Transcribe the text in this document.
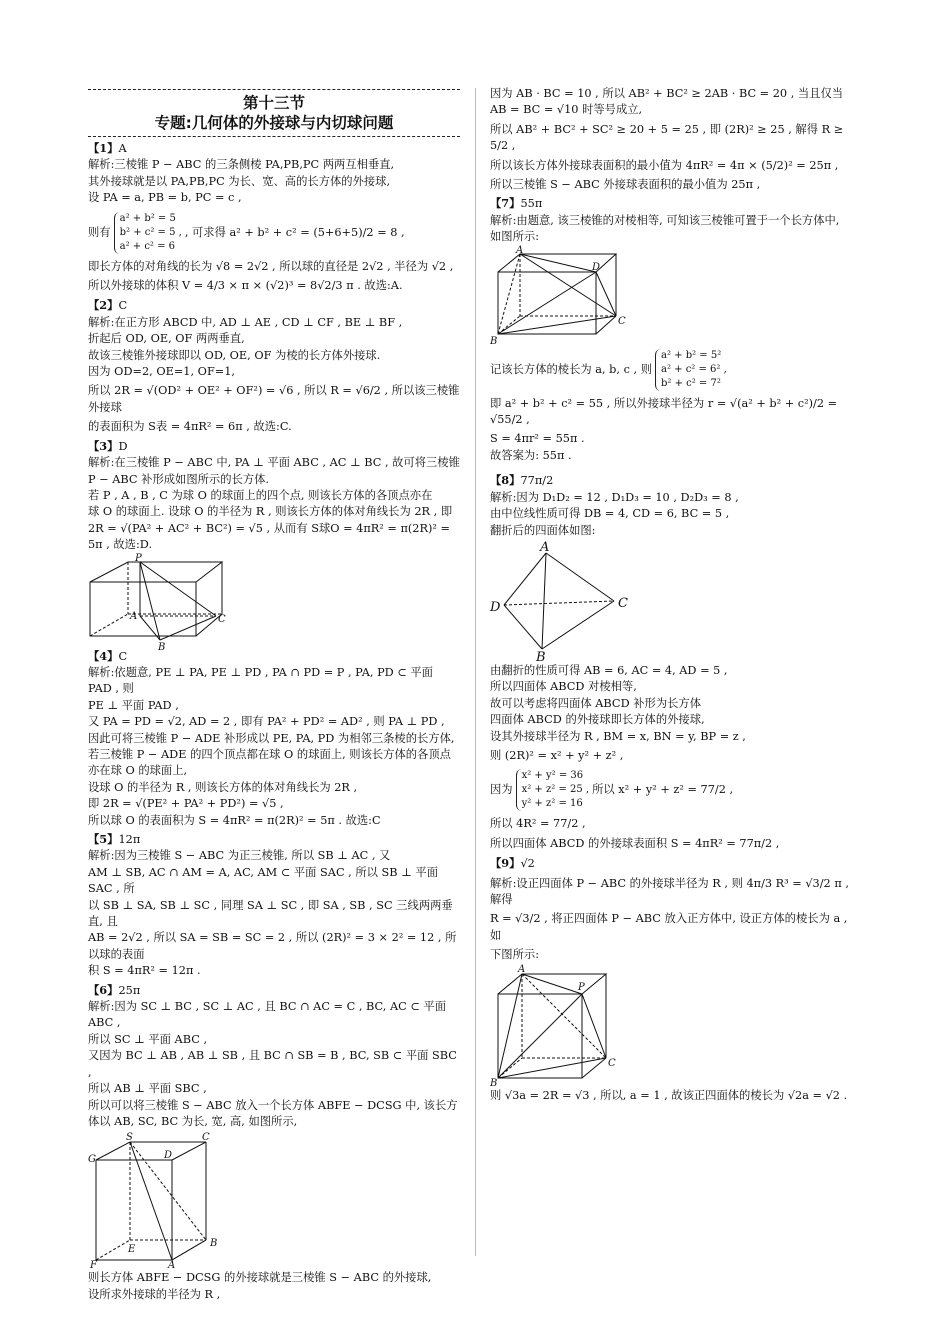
第十三节
专题:几何体的外接球与内切球问题

【1】A

解析:三棱锥 P − ABC 的三条侧棱 PA,PB,PC 两两互相垂直,

其外接球就是以 PA,PB,PC 为长、宽、高的长方体的外接球,

设 PA = a, PB = b, PC = c ,

则有
a² + b² = 5
b² + c² = 5 ,
a² + c² = 6
, 可求得 a² + b² + c² = (5+6+5)/2 = 8 ,

即长方体的对角线的长为 √8 = 2√2 , 所以球的直径是 2√2 , 半径为 √2 ,

所以外接球的体积 V = 4/3 × π × (√2)³ = 8√2/3 π . 故选:A.

【2】C

解析:在正方形 ABCD 中, AD ⊥ AE , CD ⊥ CF , BE ⊥ BF ,

折起后 OD, OE, OF 两两垂直,

故该三棱锥外接球即以 OD, OE, OF 为棱的长方体外接球.

因为 OD=2, OE=1, OF=1,

所以 2R = √(OD² + OE² + OF²) = √6 , 所以 R = √6/2 , 所以该三棱锥外接球

的表面积为 S表 = 4πR² = 6π , 故选:C.

【3】D

解析:在三棱锥 P − ABC 中, PA ⊥ 平面 ABC , AC ⊥ BC , 故可将三棱锥

P − ABC 补形成如图所示的长方体.

若 P , A , B , C 为球 O 的球面上的四个点, 则该长方体的各顶点亦在

球 O 的球面上. 设球 O 的半径为 R , 则该长方体的体对角线长为 2R , 即

2R = √(PA² + AC² + BC²) = √5 , 从而有 S球O = 4πR² = π(2R)² = 5π , 故选:D.

P
A
B
C

【4】C

解析:依题意, PE ⊥ PA, PE ⊥ PD , PA ∩ PD = P , PA, PD ⊂ 平面 PAD , 则

PE ⊥ 平面 PAD ,

又 PA = PD = √2, AD = 2 , 即有 PA² + PD² = AD² , 则 PA ⊥ PD ,

因此可将三棱锥 P − ADE 补形成以 PE, PA, PD 为相邻三条棱的长方体,

若三棱锥 P − ADE 的四个顶点都在球 O 的球面上, 则该长方体的各顶点

亦在球 O 的球面上,

设球 O 的半径为 R , 则该长方体的体对角线长为 2R ,

即 2R = √(PE² + PA² + PD²) = √5 ,

所以球 O 的表面积为 S = 4πR² = π(2R)² = 5π . 故选:C

【5】12π

解析:因为三棱锥 S − ABC 为正三棱锥, 所以 SB ⊥ AC , 又

AM ⊥ SB, AC ∩ AM = A, AC, AM ⊂ 平面 SAC , 所以 SB ⊥ 平面 SAC , 所

以 SB ⊥ SA, SB ⊥ SC , 同理 SA ⊥ SC , 即 SA , SB , SC 三线两两垂直, 且

AB = 2√2 , 所以 SA = SB = SC = 2 , 所以 (2R)² = 3 × 2² = 12 , 所以球的表面

积 S = 4πR² = 12π .

【6】25π

解析:因为 SC ⊥ BC , SC ⊥ AC , 且 BC ∩ AC = C , BC, AC ⊂ 平面 ABC ,

所以 SC ⊥ 平面 ABC ,

又因为 BC ⊥ AB , AB ⊥ SB , 且 BC ∩ SB = B , BC, SB ⊂ 平面 SBC ,

所以 AB ⊥ 平面 SBC ,

所以可以将三棱锥 S − ABC 放入一个长方体 ABFE − DCSG 中, 该长方

体以 AB, SC, BC 为长, 宽, 高, 如图所示,

S	C
G	D
E
B
F	A

则长方体 ABFE − DCSG 的外接球就是三棱锥 S − ABC 的外接球,

设所求外接球的半径为 R ,

因为 AB · BC = 10 , 所以 AB² + BC² ≥ 2AB · BC = 20 , 当且仅当

AB = BC = √10 时等号成立,

所以 AB² + BC² + SC² ≥ 20 + 5 = 25 , 即 (2R)² ≥ 25 , 解得 R ≥ 5/2 ,

所以该长方体外接球表面积的最小值为 4πR² = 4π × (5/2)² = 25π ,

所以三棱锥 S − ABC 外接球表面积的最小值为 25π ,

【7】55π

解析:由题意, 该三棱锥的对棱相等, 可知该三棱锥可置于一个长方体中,

如图所示:

A
D
B
C
记该长方体的棱长为 a, b, c , 则
a² + b² = 5²
a² + c² = 6² ,
b² + c² = 7²

即 a² + b² + c² = 55 , 所以外接球半径为 r = √(a² + b² + c²)/2 = √55/2 ,

S = 4πr² = 55π .

故答案为: 55π .

【8】77π/2

解析:因为 D₁D₂ = 12 , D₁D₃ = 10 , D₂D₃ = 8 ,

由中位线性质可得 DB = 4, CD = 6, BC = 5 ,

翻折后的四面体如图:

A
D	C
B

由翻折的性质可得 AB = 6, AC = 4, AD = 5 ,

所以四面体 ABCD 对棱相等,

故可以考虑将四面体 ABCD 补形为长方体

四面体 ABCD 的外接球即长方体的外接球,

设其外接球半径为 R , BM = x, BN = y, BP = z ,

则 (2R)² = x² + y² + z² ,

因为
x² + y² = 36
x² + z² = 25 ,
y² + z² = 16
所以 x² + y² + z² = 77/2 ,

所以 4R² = 77/2 ,

所以四面体 ABCD 的外接球表面积 S = 4πR² = 77π/2 ,

【9】√2

解析:设正四面体 P − ABC 的外接球半径为 R , 则 4π/3 R³ = √3/2 π , 解得

R = √3/2 , 将正四面体 P − ABC 放入正方体中, 设正方体的棱长为 a , 如

下图所示:

A
P
C
B

则 √3a = 2R = √3 , 所以, a = 1 , 故该正四面体的棱长为 √2a = √2 .
